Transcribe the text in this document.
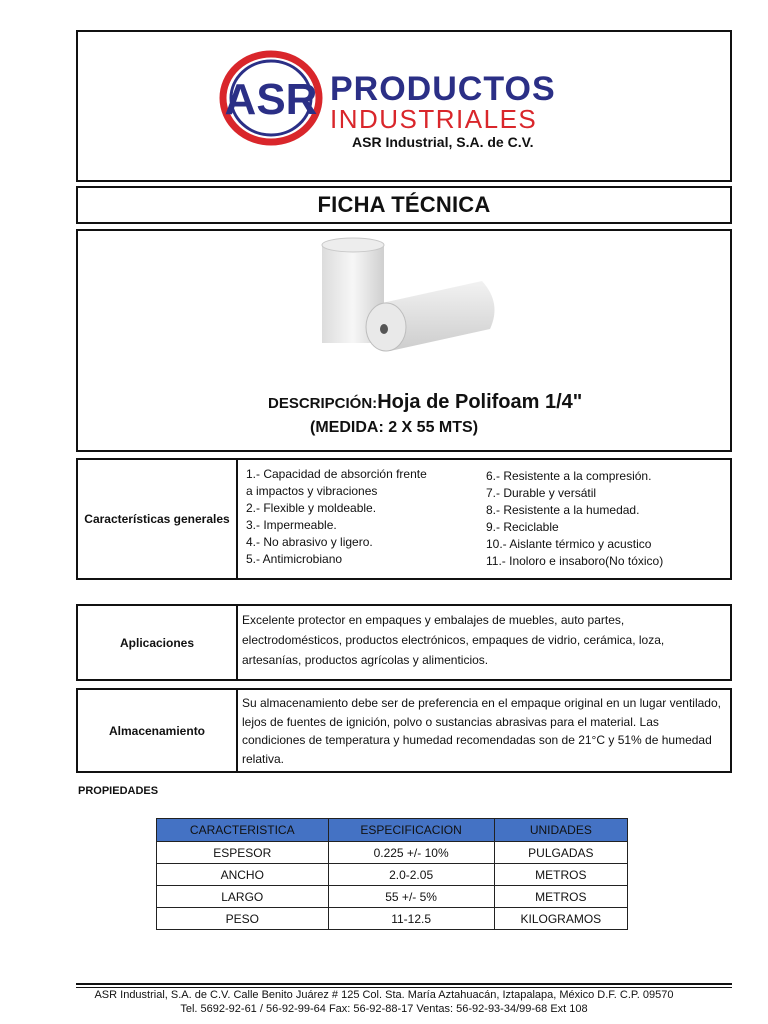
ASR PRODUCTOS
INDUSTRIALES
ASR Industrial, S.A. de C.V.
FICHA TÉCNICA
DESCRIPCIÓN:Hoja de Polifoam 1/4"
(MEDIDA: 2 X 55 MTS)
Características generales
1.- Capacidad de absorción frente
a impactos y vibraciones
2.- Flexible y moldeable.
3.- Impermeable.
4.- No abrasivo y ligero.
5.- Antimicrobiano
6.- Resistente a la compresión.
7.- Durable y versátil
8.- Resistente a la humedad.
9.- Reciclable
10.- Aislante térmico y acustico
11.- Inoloro e insaboro(No tóxico)
Aplicaciones
Excelente protector en empaques y embalajes de muebles, auto partes, electrodomésticos, productos electrónicos, empaques de vidrio, cerámica, loza, artesanías, productos agrícolas y alimenticios.
Almacenamiento
Su almacenamiento debe ser de preferencia en el empaque original en un lugar ventilado, lejos de fuentes de ignición, polvo o sustancias abrasivas para el material. Las condiciones de temperatura y humedad recomendadas son de 21°C y 51% de humedad relativa.
PROPIEDADES
CARACTERISTICA	ESPECIFICACION	UNIDADES
ESPESOR	0.225 +/- 10%	PULGADAS
ANCHO	2.0-2.05	METROS
LARGO	55 +/- 5%	METROS
PESO	11-12.5	KILOGRAMOS
ASR Industrial, S.A. de C.V. Calle Benito Juárez # 125 Col. Sta. María Aztahuacán, Iztapalapa, México D.F. C.P. 09570
Tel. 5692-92-61 / 56-92-99-64 Fax: 56-92-88-17 Ventas: 56-92-93-34/99-68 Ext 108
